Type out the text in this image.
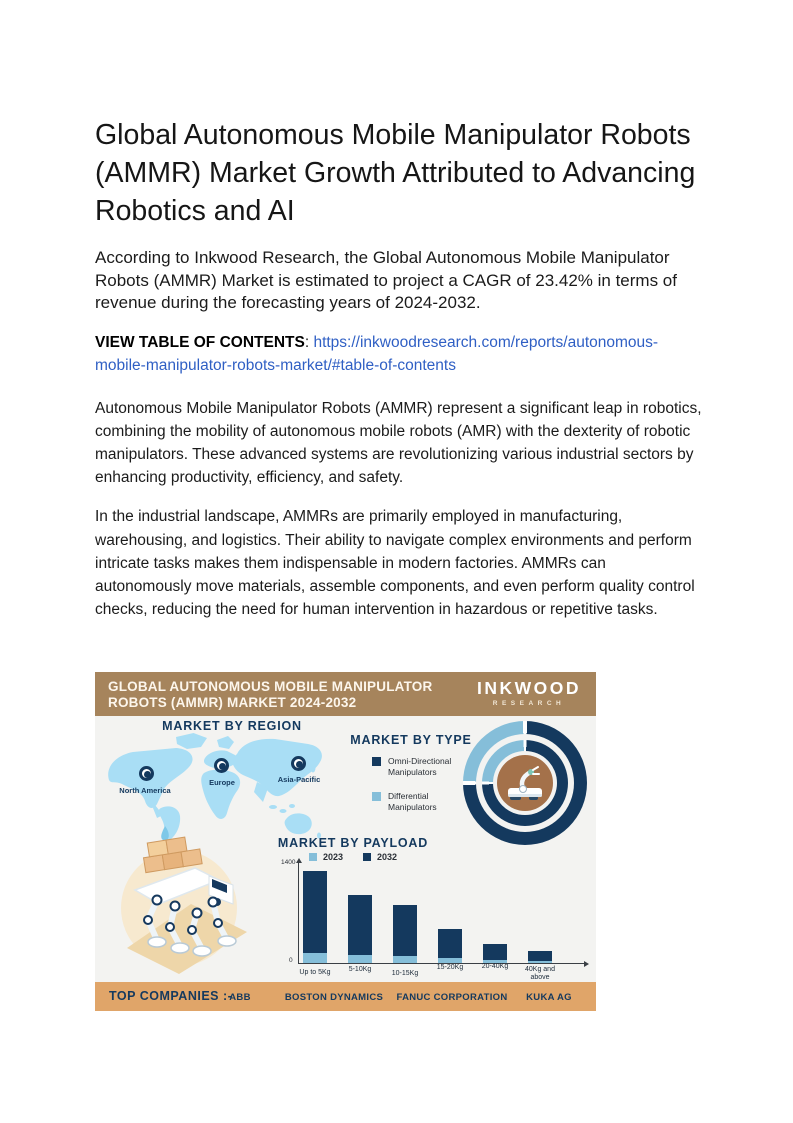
Global Autonomous Mobile Manipulator Robots (AMMR) Market Growth Attributed to Advancing Robotics and AI

According to Inkwood Research, the Global Autonomous Mobile Manipulator Robots (AMMR) Market is estimated to project a CAGR of 23.42% in terms of revenue during the forecasting years of 2024-2032.

VIEW TABLE OF CONTENTS: https://inkwoodresearch.com/reports/autonomous-mobile-manipulator-robots-market/#table-of-contents

Autonomous Mobile Manipulator Robots (AMMR) represent a significant leap in robotics, combining the mobility of autonomous mobile robots (AMR) with the dexterity of robotic manipulators. These advanced systems are revolutionizing various industrial sectors by enhancing productivity, efficiency, and safety.

In the industrial landscape, AMMRs are primarily employed in manufacturing, warehousing, and logistics. Their ability to navigate complex environments and perform intricate tasks makes them indispensable in modern factories. AMMRs can autonomously move materials, assemble components, and even perform quality control checks, reducing the need for human intervention in hazardous or repetitive tasks.

GLOBAL AUTONOMOUS MOBILE MANIPULATOR
ROBOTS (AMMR) MARKET 2024-2032
INKWOOD
RESEARCH
MARKET BY REGION
North America
Europe	Asia-Pacific
MARKET BY TYPE
Omni-Directional Manipulators
Differential Manipulators
MARKET BY PAYLOAD
2023	2032
1400
0
Up to 5Kg	5-10Kg
10-15Kg
15-20Kg	20-40Kg	40Kg and above
TOP COMPANIES :-
ABB	BOSTON DYNAMICS	FANUC CORPORATION	KUKA AG
